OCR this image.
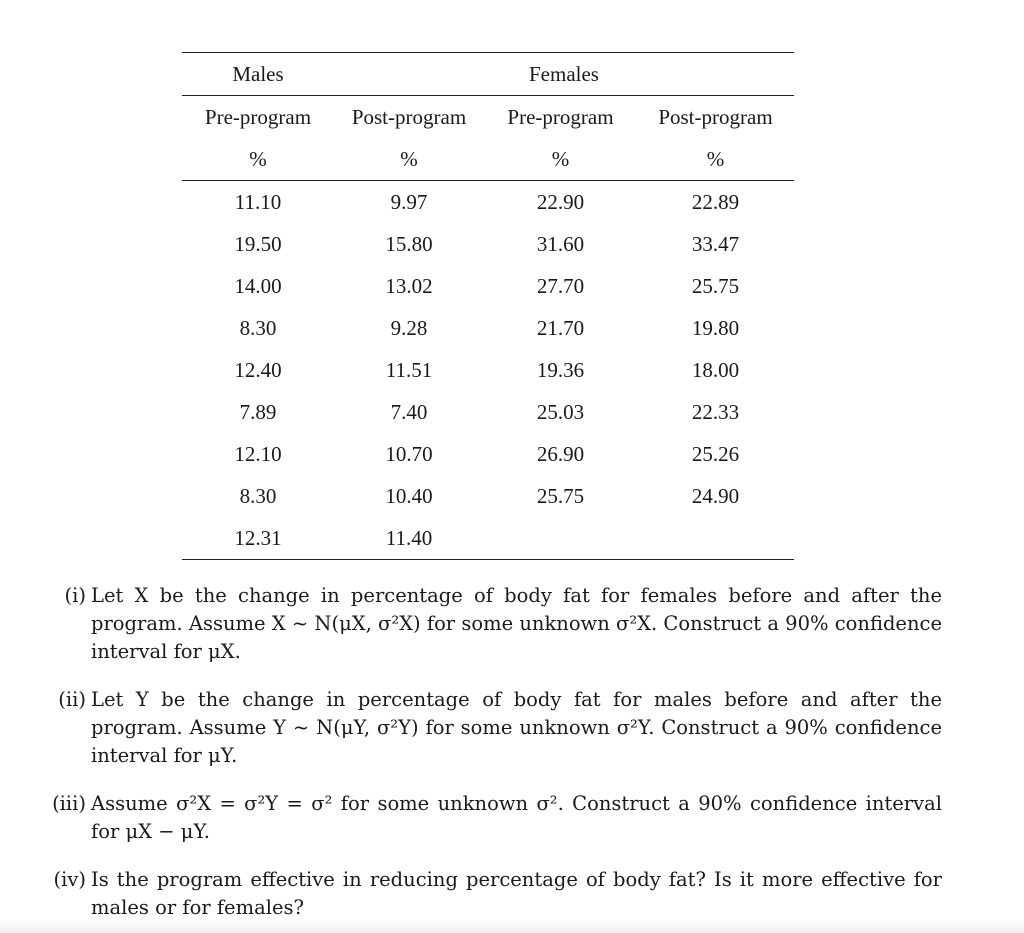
Males	Females
Pre-program	Post-program	Pre-program	Post-program
%	%	%	%
11.10	9.97	22.90	22.89
19.50	15.80	31.60	33.47
14.00	13.02	27.70	25.75
8.30	9.28	21.70	19.80
12.40	11.51	19.36	18.00
7.89	7.40	25.03	22.33
12.10	10.70	26.90	25.26
8.30	10.40	25.75	24.90
12.31	11.40
(i) Let X be the change in percentage of body fat for females before and after the program. Assume X ~ N(μX, σ²X) for some unknown σ²X. Construct a 90% confidence interval for μX.
(ii) Let Y be the change in percentage of body fat for males before and after the program. Assume Y ~ N(μY, σ²Y) for some unknown σ²Y. Construct a 90% confidence interval for μY.
(iii) Assume σ²X = σ²Y = σ² for some unknown σ². Construct a 90% confidence interval for μX − μY.
(iv) Is the program effective in reducing percentage of body fat? Is it more effective for males or for females?
